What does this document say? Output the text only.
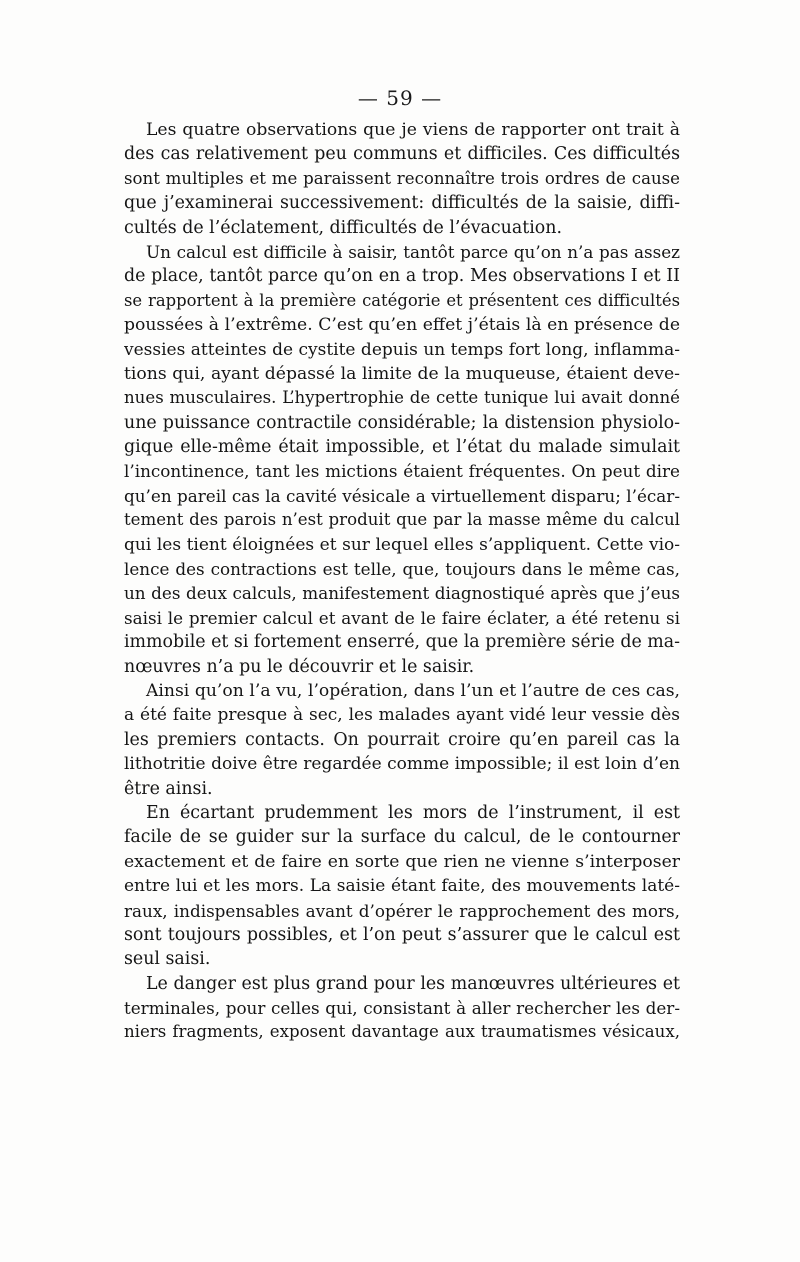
— 59 —
Les quatre observations que je viens de rapporter ont trait à
des cas relativement peu communs et difficiles. Ces difficultés
sont multiples et me paraissent reconnaître trois ordres de cause
que j’examinerai successivement: difficultés de la saisie, diffi-
cultés de l’éclatement, difficultés de l’évacuation.
Un calcul est difficile à saisir, tantôt parce qu’on n’a pas assez
de place, tantôt parce qu’on en a trop. Mes observations I et II
se rapportent à la première catégorie et présentent ces difficultés
poussées à l’extrême. C’est qu’en effet j’étais là en présence de
vessies atteintes de cystite depuis un temps fort long, inflamma-
tions qui, ayant dépassé la limite de la muqueuse, étaient deve-
nues musculaires. L’hypertrophie de cette tunique lui avait donné
une puissance contractile considérable; la distension physiolo-
gique elle-même était impossible, et l’état du malade simulait
l’incontinence, tant les mictions étaient fréquentes. On peut dire
qu’en pareil cas la cavité vésicale a virtuellement disparu; l’écar-
tement des parois n’est produit que par la masse même du calcul
qui les tient éloignées et sur lequel elles s’appliquent. Cette vio-
lence des contractions est telle, que, toujours dans le même cas,
un des deux calculs, manifestement diagnostiqué après que j’eus
saisi le premier calcul et avant de le faire éclater, a été retenu si
immobile et si fortement enserré, que la première série de ma-
nœuvres n’a pu le découvrir et le saisir.
Ainsi qu’on l’a vu, l’opération, dans l’un et l’autre de ces cas,
a été faite presque à sec, les malades ayant vidé leur vessie dès
les premiers contacts. On pourrait croire qu’en pareil cas la
lithotritie doive être regardée comme impossible; il est loin d’en
être ainsi.
En écartant prudemment les mors de l’instrument, il est
facile de se guider sur la surface du calcul, de le contourner
exactement et de faire en sorte que rien ne vienne s’interposer
entre lui et les mors. La saisie étant faite, des mouvements laté-
raux, indispensables avant d’opérer le rapprochement des mors,
sont toujours possibles, et l’on peut s’assurer que le calcul est
seul saisi.
Le danger est plus grand pour les manœuvres ultérieures et
terminales, pour celles qui, consistant à aller rechercher les der-
niers fragments, exposent davantage aux traumatismes vésicaux,
